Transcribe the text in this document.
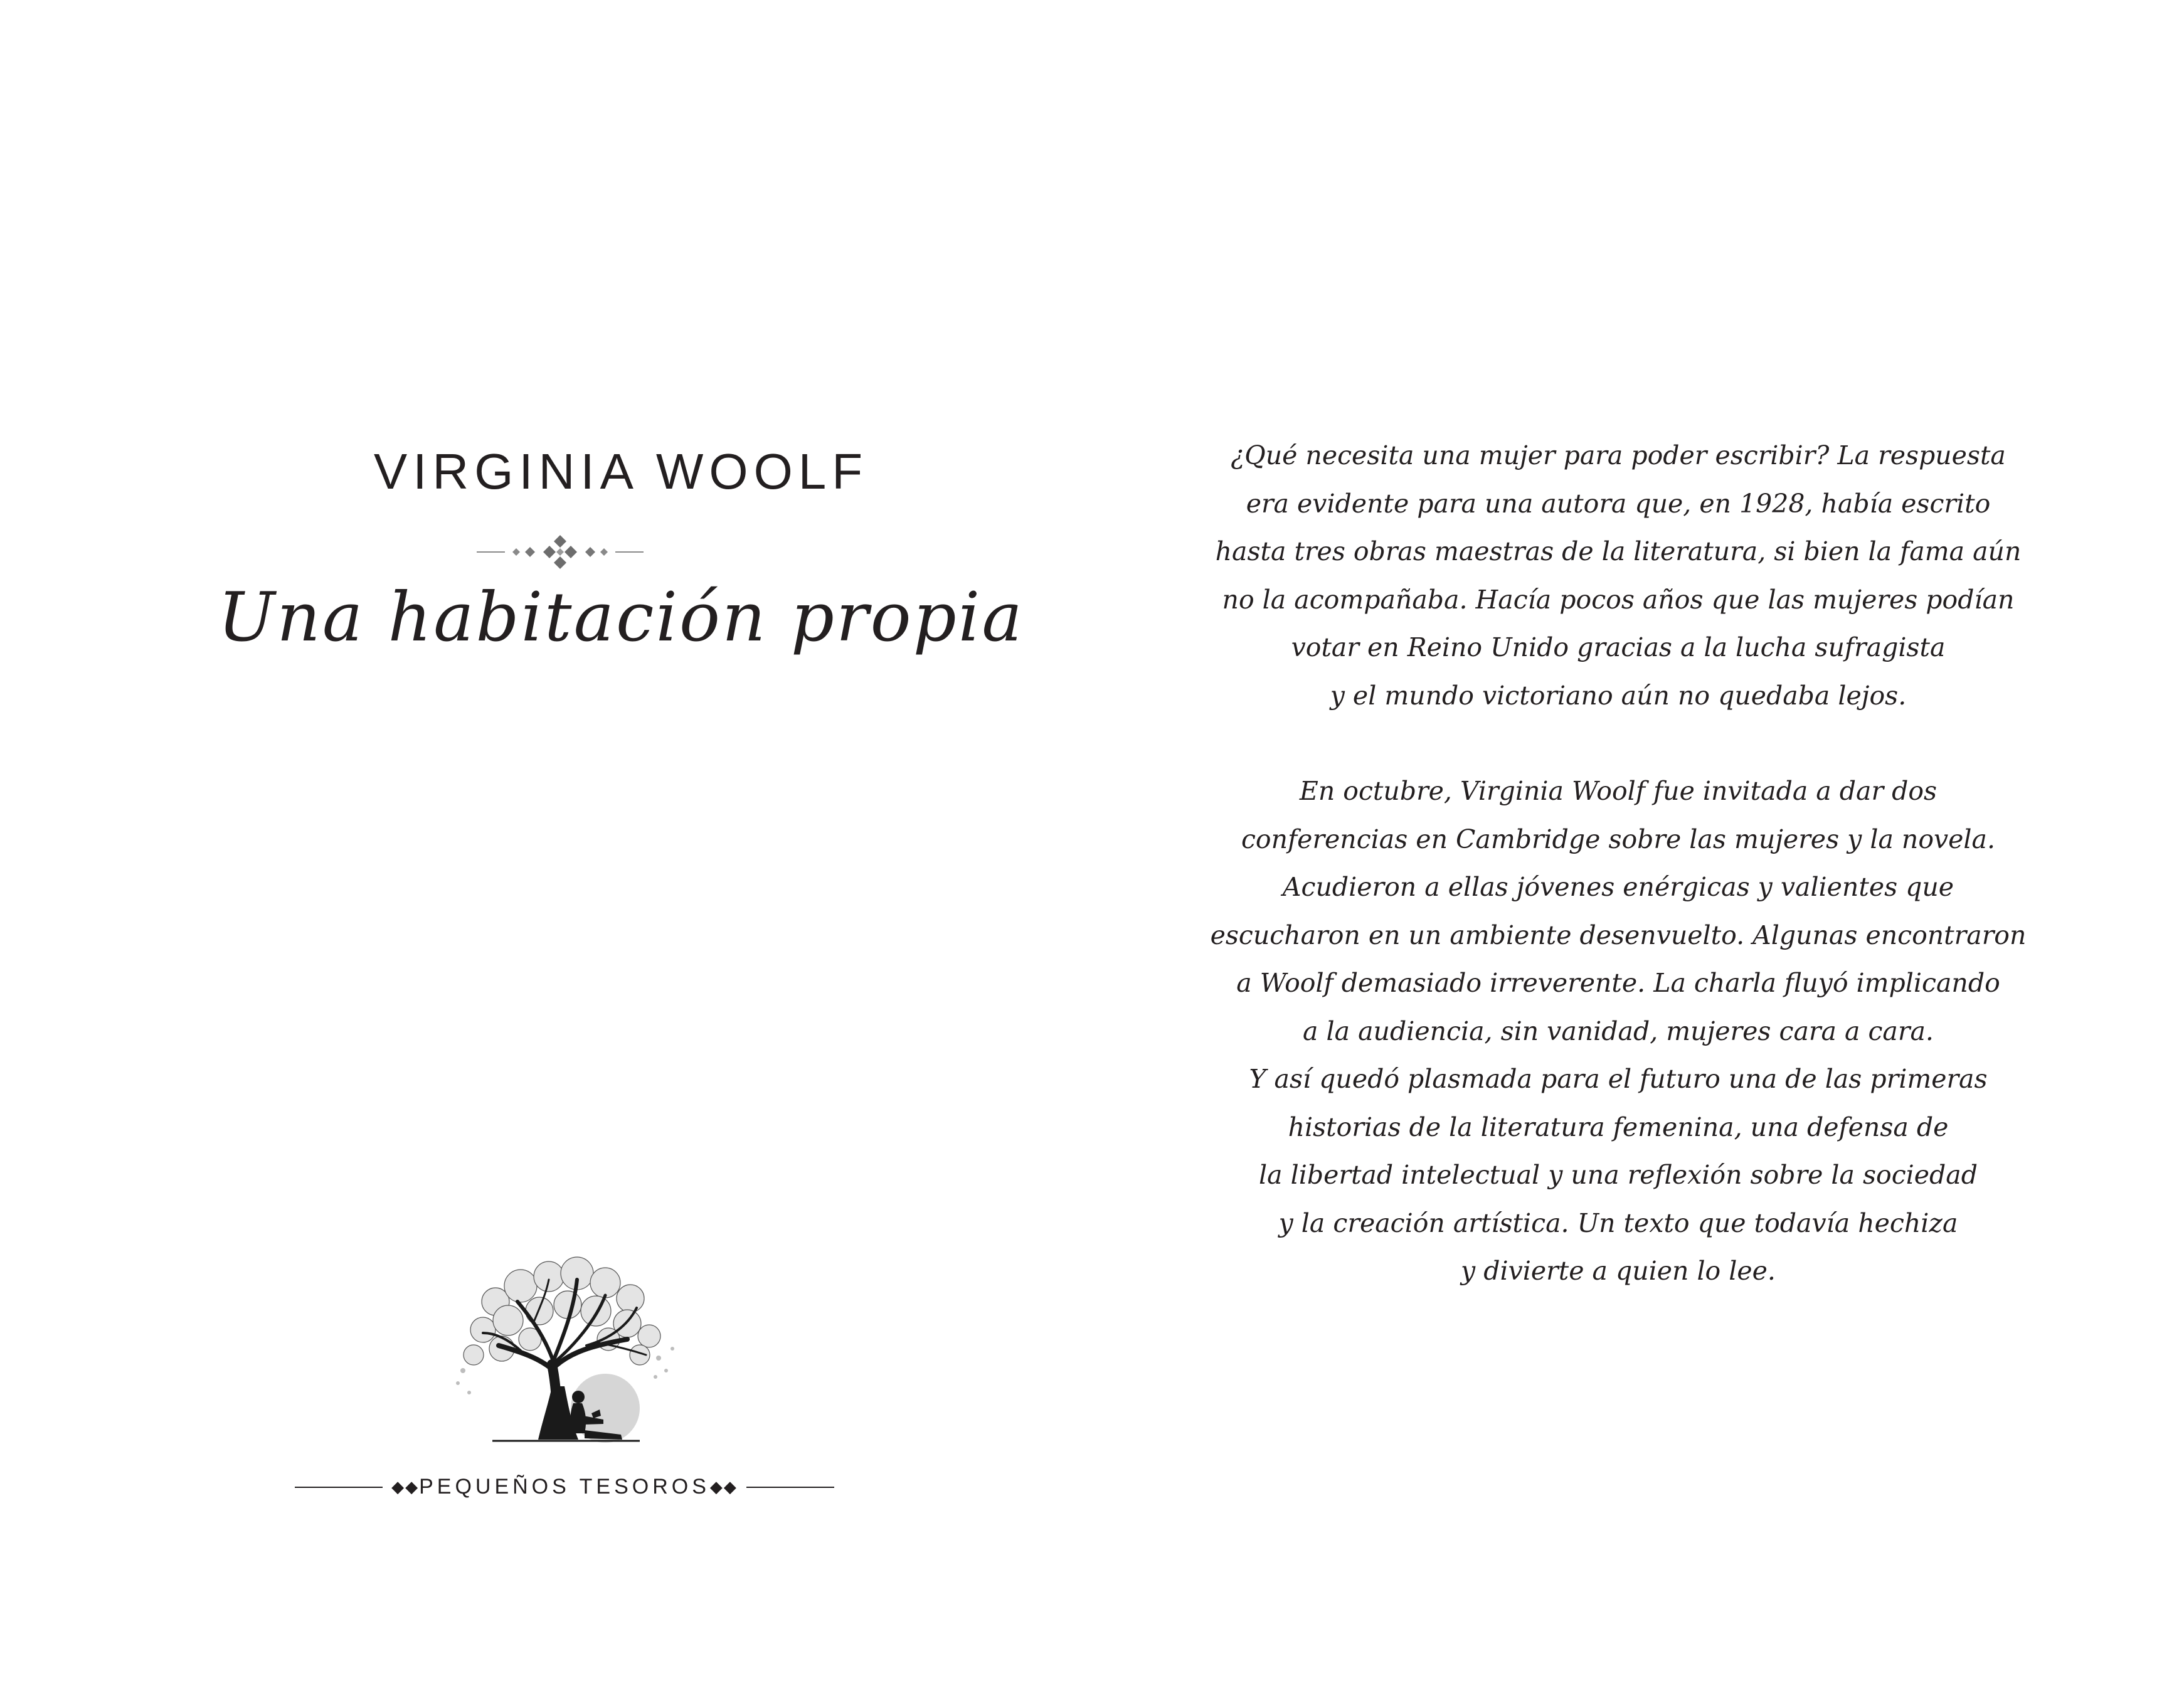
VIRGINIA WOOLF
Una habitación propia
◆◆PEQUEÑOS TESOROS◆◆

¿Qué necesita una mujer para poder escribir? La respuesta
era evidente para una autora que, en 1928, había escrito
hasta tres obras maestras de la literatura, si bien la fama aún
no la acompañaba. Hacía pocos años que las mujeres podían
votar en Reino Unido gracias a la lucha sufragista
y el mundo victoriano aún no quedaba lejos.

En octubre, Virginia Woolf fue invitada a dar dos
conferencias en Cambridge sobre las mujeres y la novela.
Acudieron a ellas jóvenes enérgicas y valientes que
escucharon en un ambiente desenvuelto. Algunas encontraron
a Woolf demasiado irreverente. La charla fluyó implicando
a la audiencia, sin vanidad, mujeres cara a cara.
Y así quedó plasmada para el futuro una de las primeras
historias de la literatura femenina, una defensa de
la libertad intelectual y una reflexión sobre la sociedad
y la creación artística. Un texto que todavía hechiza
y divierte a quien lo lee.
